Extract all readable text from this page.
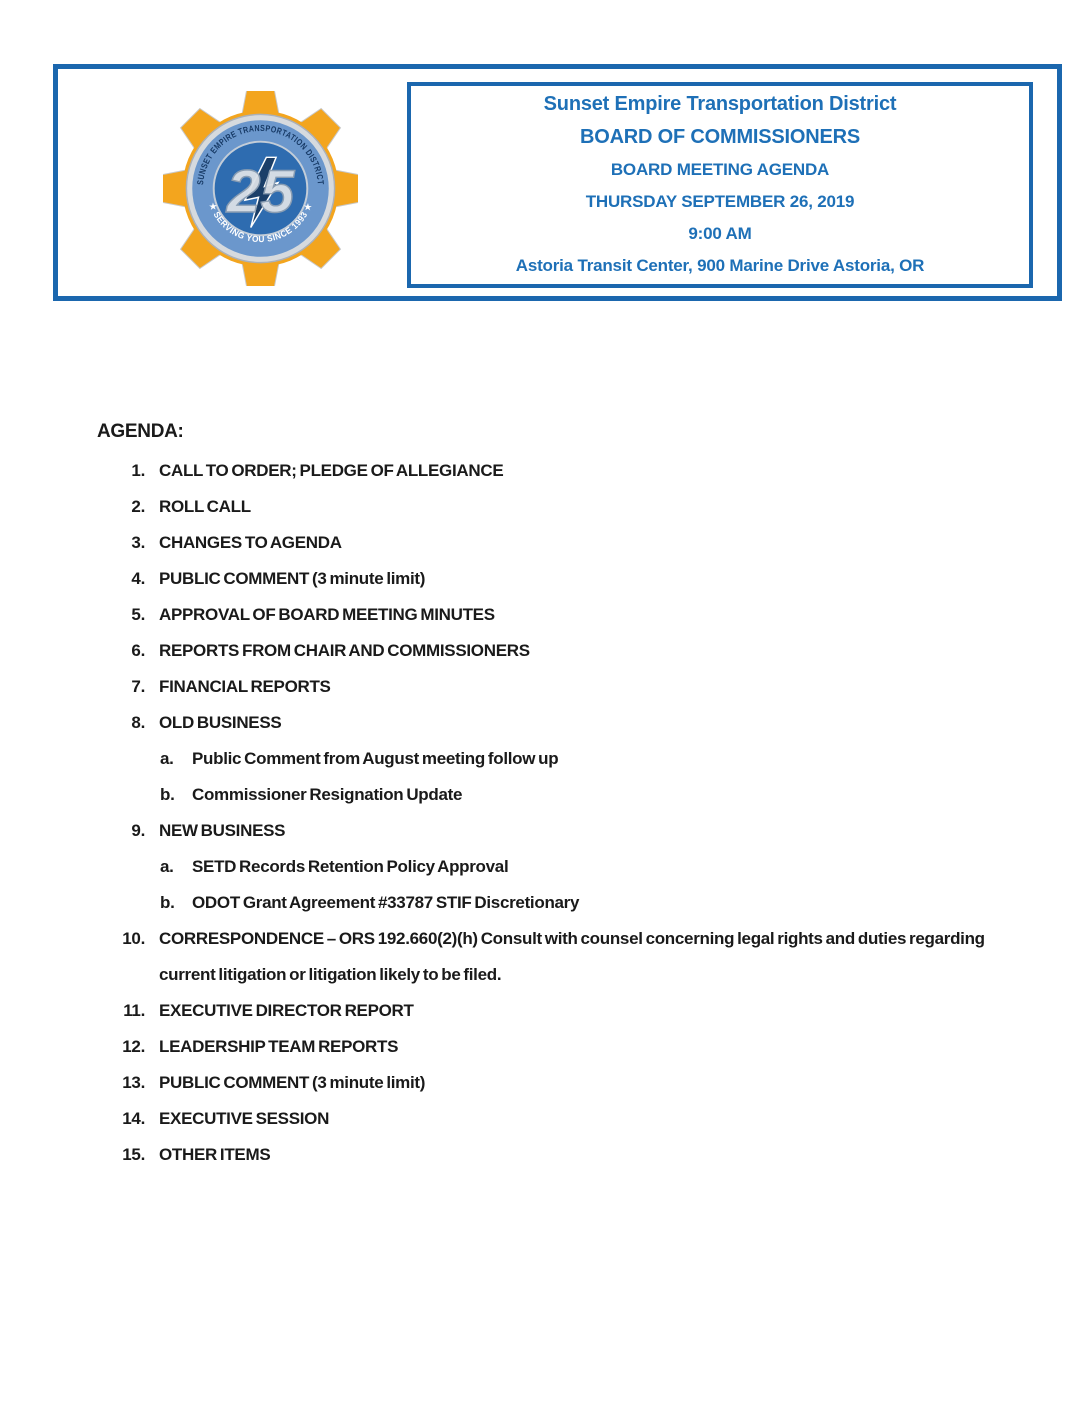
SUNSET EMPIRE TRANSPORTATION DISTRICT
★ SERVING YOU SINCE 1993 ★
25
Sunset Empire Transportation District
BOARD OF COMMISSIONERS
BOARD MEETING AGENDA
THURSDAY SEPTEMBER 26, 2019
9:00 AM
Astoria Transit Center, 900 Marine Drive Astoria, OR
AGENDA:
1. CALL TO ORDER; PLEDGE OF ALLEGIANCE
2. ROLL CALL
3. CHANGES TO AGENDA
4. PUBLIC COMMENT (3 minute limit)
5. APPROVAL OF BOARD MEETING MINUTES
6. REPORTS FROM CHAIR AND COMMISSIONERS
7. FINANCIAL REPORTS
8. OLD BUSINESS
a.	Public Comment from August meeting follow up
b.	Commissioner Resignation Update
9. NEW BUSINESS
a.	SETD Records Retention Policy Approval
b.	ODOT Grant Agreement #33787 STIF Discretionary
10. CORRESPONDENCE – ORS 192.660(2)(h) Consult with counsel concerning legal rights and duties regarding current litigation or litigation likely to be filed.
11. EXECUTIVE DIRECTOR REPORT
12. LEADERSHIP TEAM REPORTS
13. PUBLIC COMMENT (3 minute limit)
14. EXECUTIVE SESSION
15. OTHER ITEMS
